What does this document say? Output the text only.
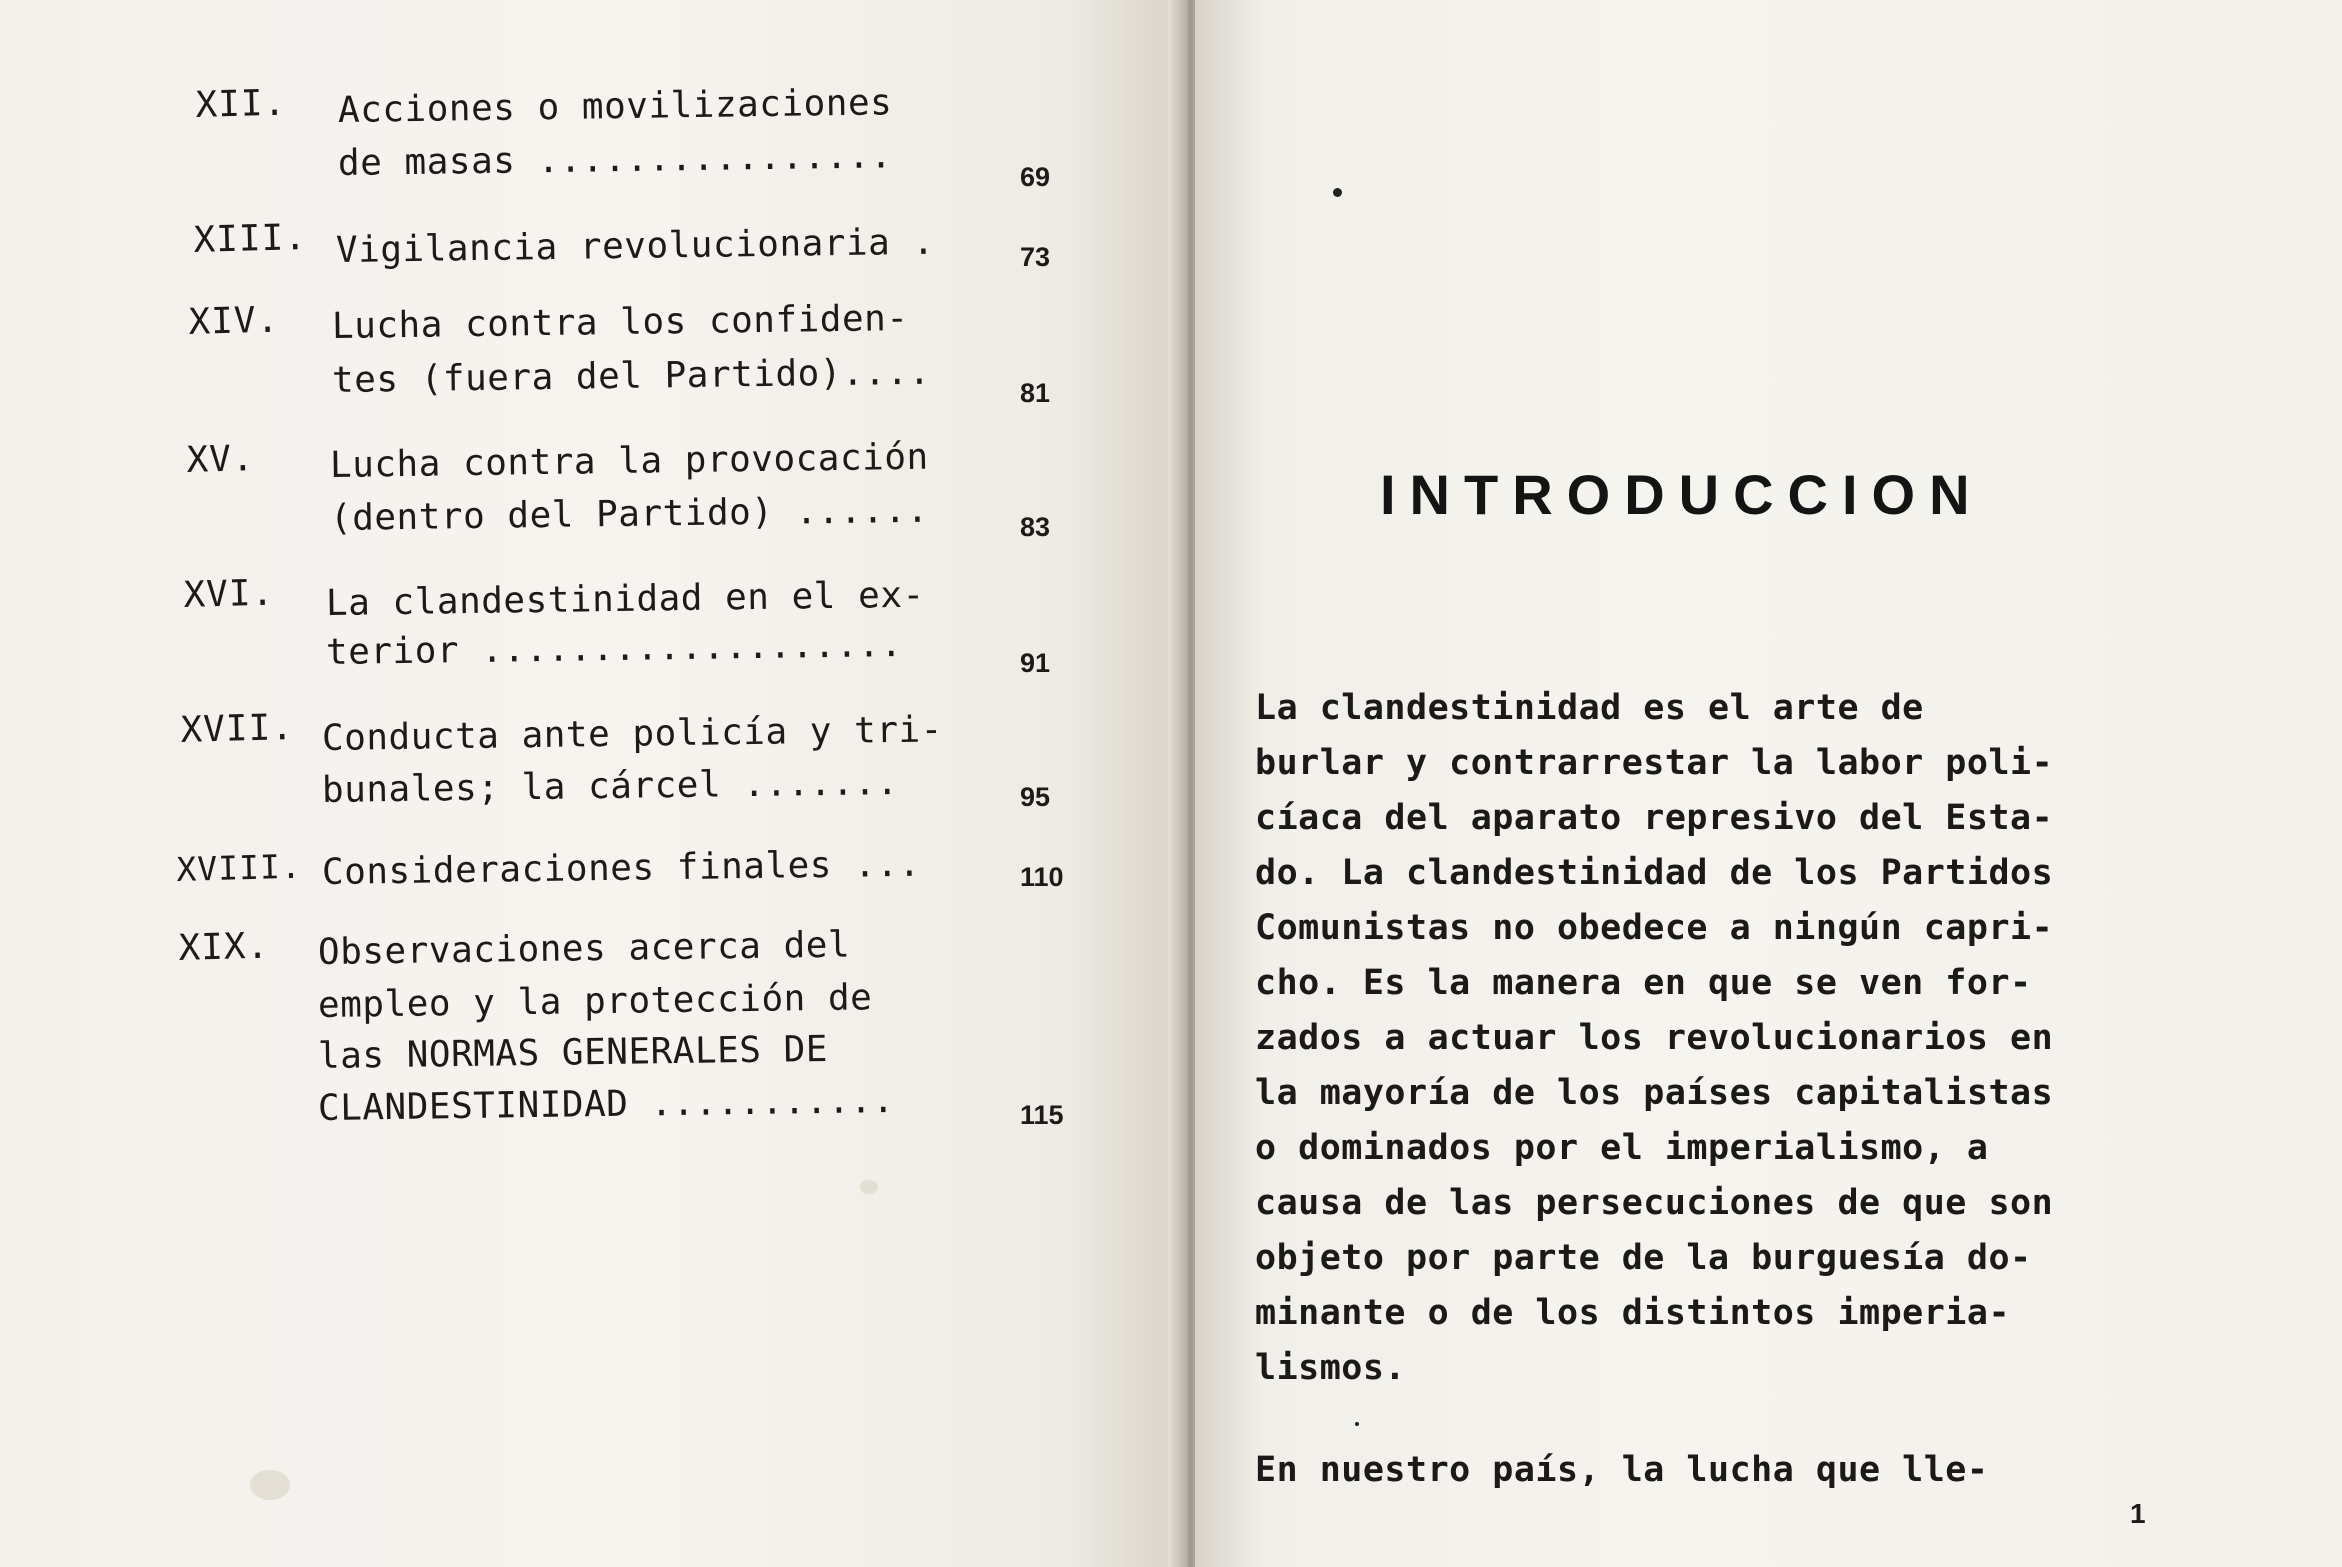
XII. Acciones o movilizaciones
de masas ................	69
XIII. Vigilancia revolucionaria .	73
XIV. Lucha contra los confiden-
tes (fuera del Partido)....	81
XV. Lucha contra la provocación
(dentro del Partido) ......	83
XVI. La clandestinidad en el ex-
terior ...................	91
XVII. Conducta ante policía y tri-
bunales; la cárcel .......	95
XVIII. Consideraciones finales ...	110
XIX. Observaciones acerca del
empleo y la protección de
las NORMAS GENERALES DE
CLANDESTINIDAD ...........	115
INTRODUCCION
La clandestinidad es el arte de
burlar y contrarrestar la labor poli-
cíaca del aparato represivo del Esta-
do. La clandestinidad de los Partidos
Comunistas no obedece a ningún capri-
cho. Es la manera en que se ven for-
zados a actuar los revolucionarios en
la mayoría de los países capitalistas
o dominados por el imperialismo, a
causa de las persecuciones de que son
objeto por parte de la burguesía do-
minante o de los distintos imperia-
lismos.
En nuestro país, la lucha que lle-

1
